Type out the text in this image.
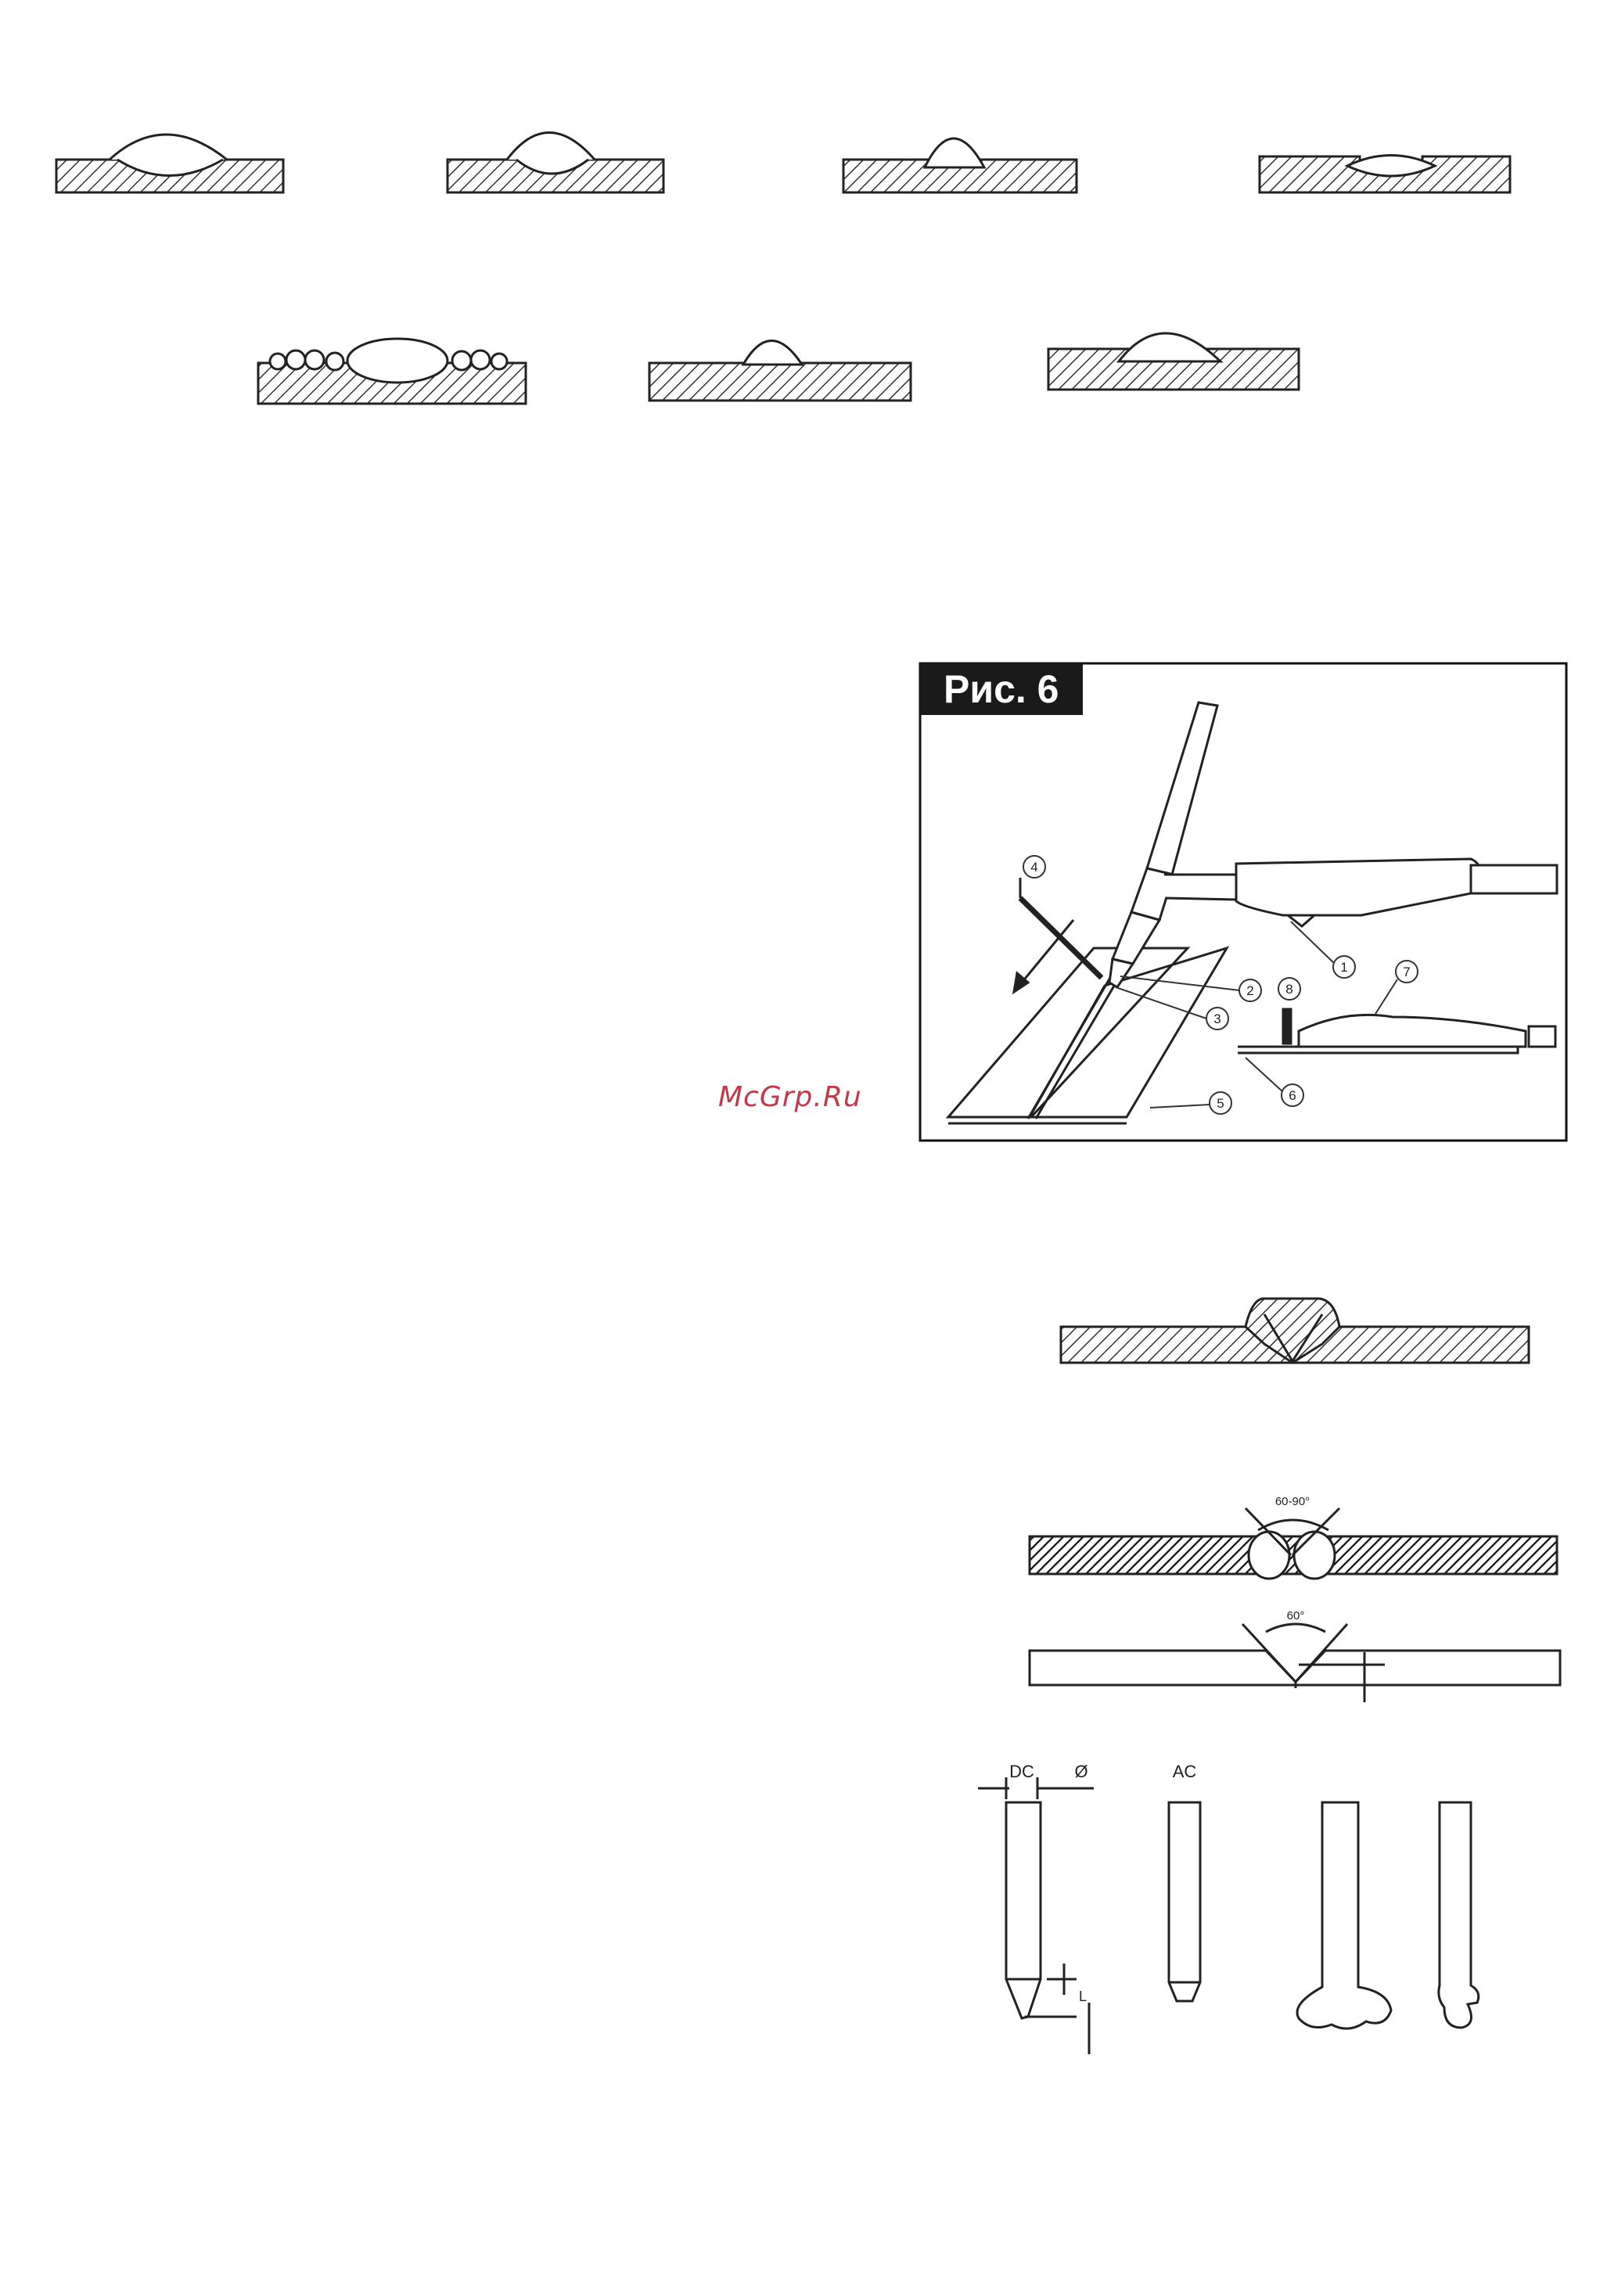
1
2
3
4
5
6
7
8
60-90°
60°
DC Ø
L
AC
Рис. 6
McGrp.Ru
